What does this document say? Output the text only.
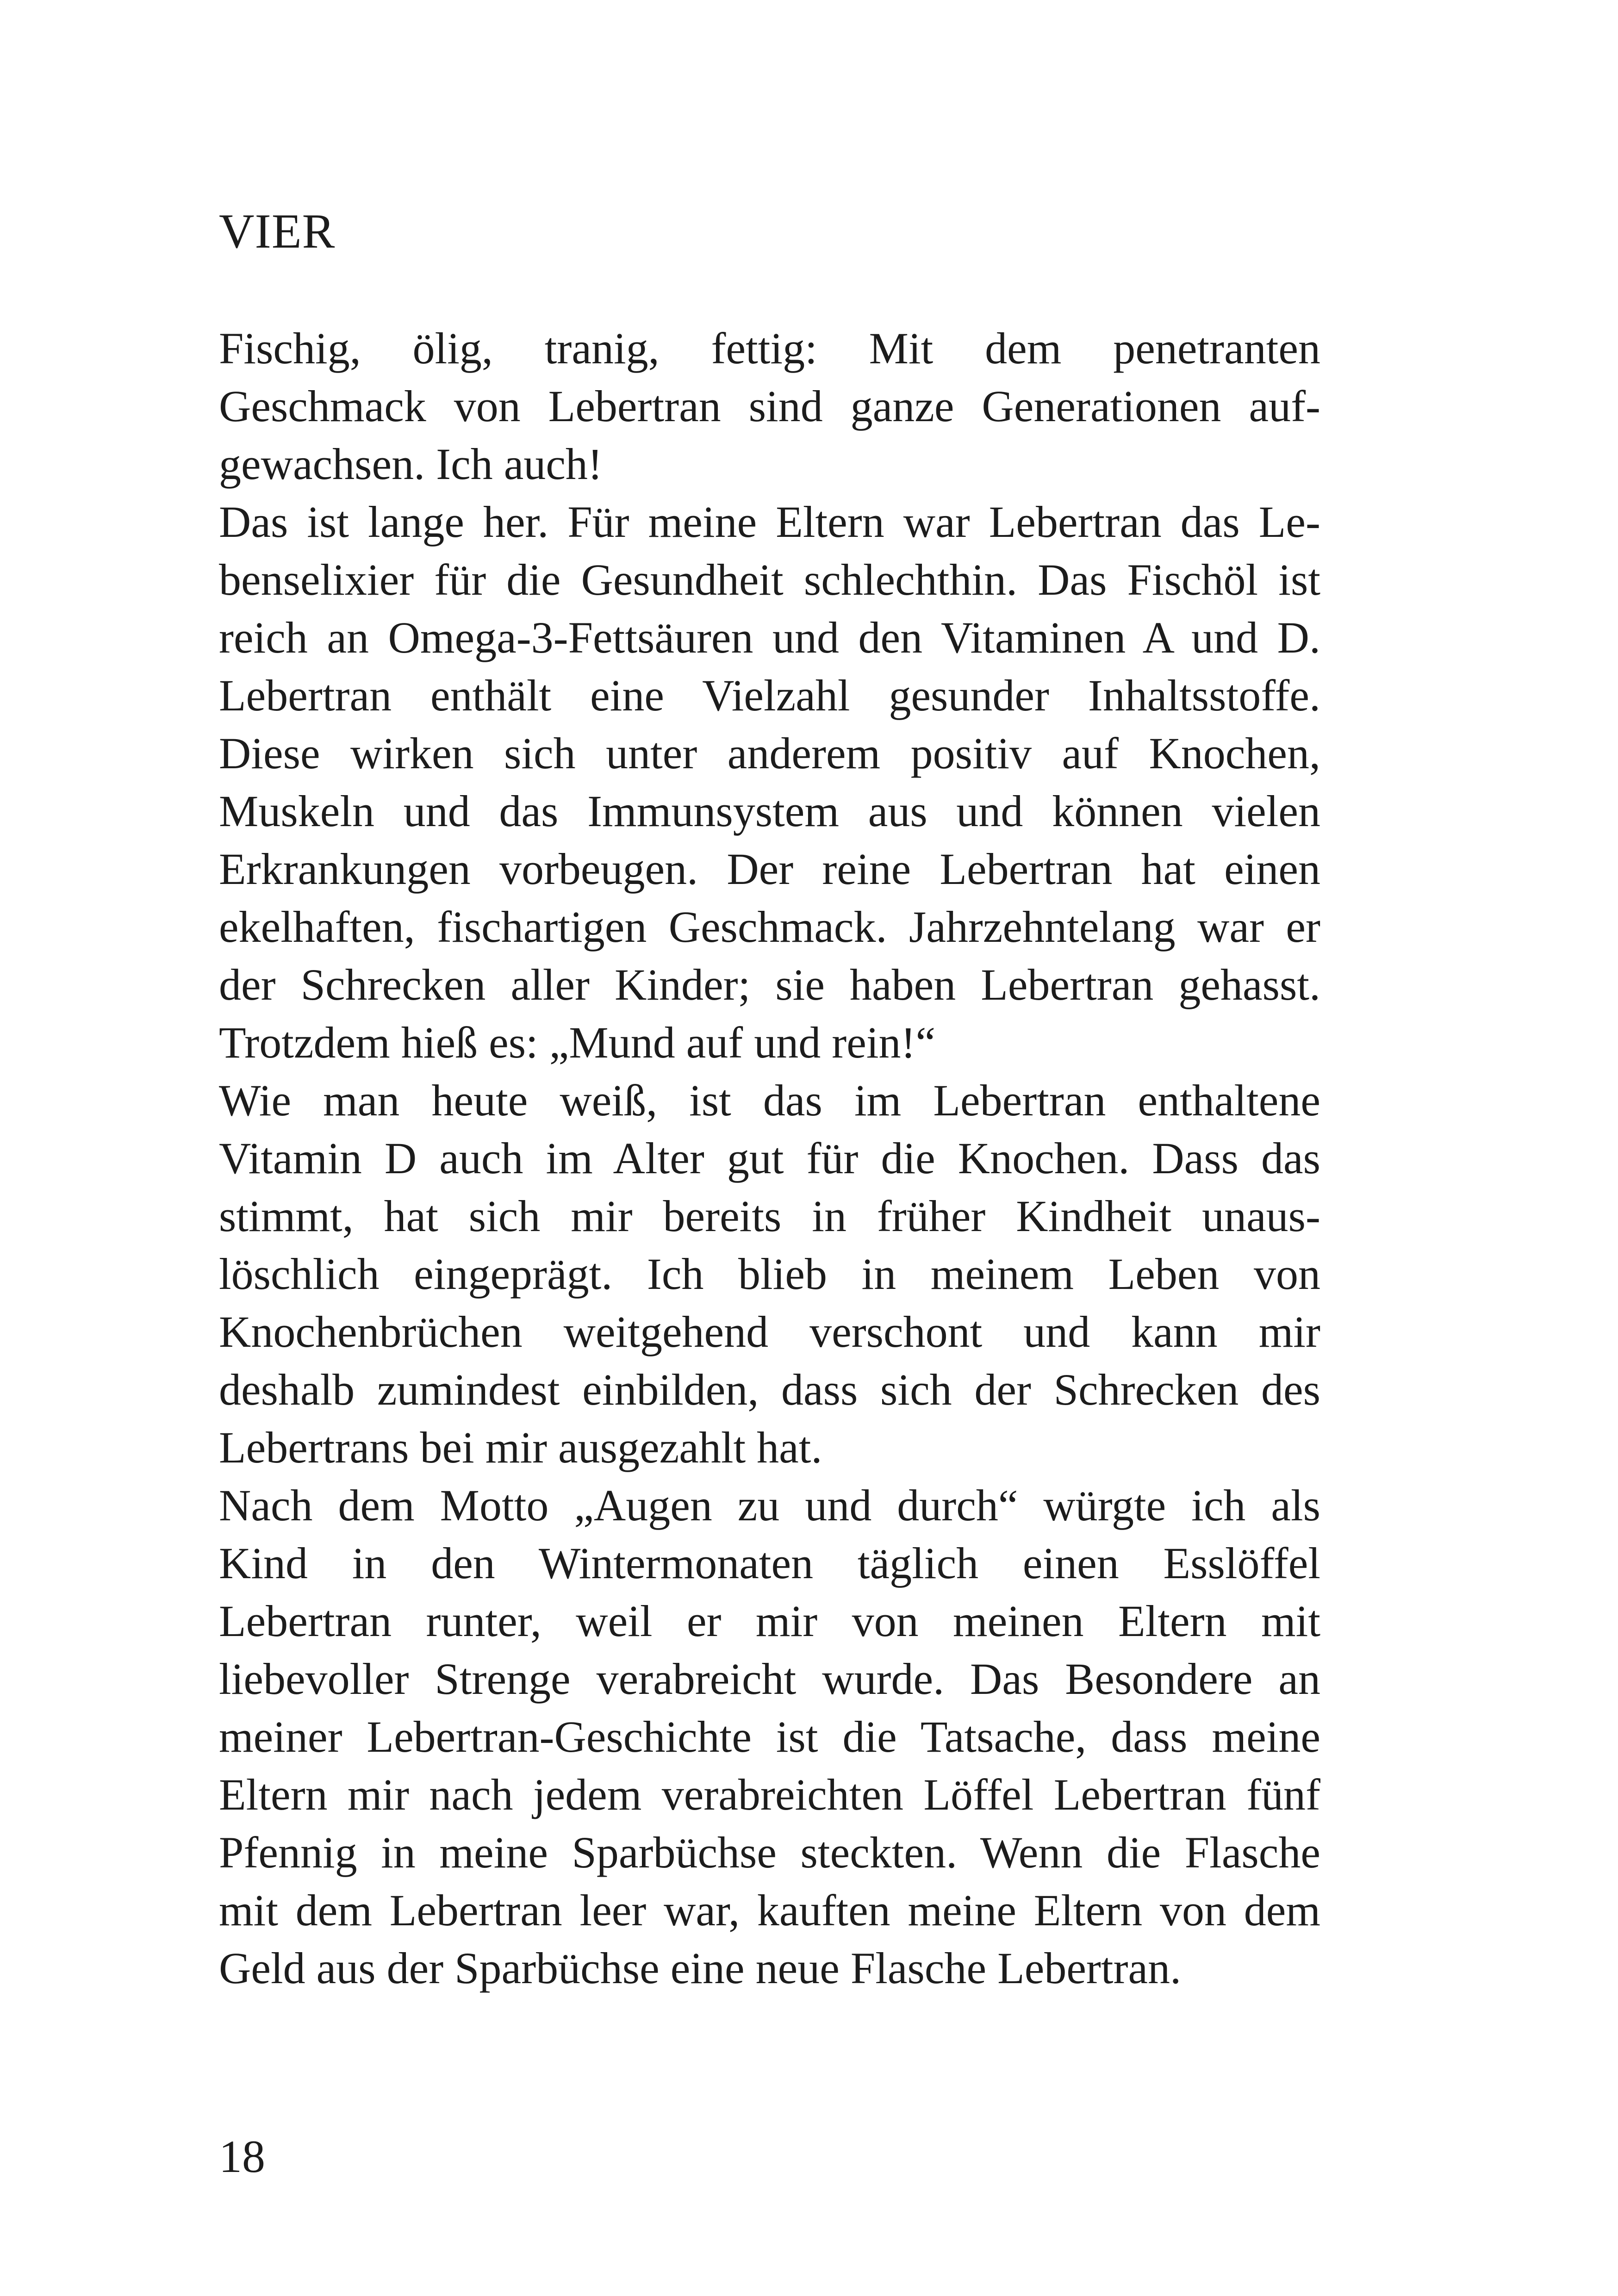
VIER
Fischig, ölig, tranig, fettig: Mit dem penetranten
Geschmack von Lebertran sind ganze Generationen auf-
gewachsen. Ich auch!
Das ist lange her. Für meine Eltern war Lebertran das Le-
benselixier für die Gesundheit schlechthin. Das Fischöl ist
reich an Omega-3-Fettsäuren und den Vitaminen A und D.
Lebertran enthält eine Vielzahl gesunder Inhaltsstoffe.
Diese wirken sich unter anderem positiv auf Knochen,
Muskeln und das Immunsystem aus und können vielen
Erkrankungen vorbeugen. Der reine Lebertran hat einen
ekelhaften, fischartigen Geschmack. Jahrzehntelang war er
der Schrecken aller Kinder; sie haben Lebertran gehasst.
Trotzdem hieß es: „Mund auf und rein!“
Wie man heute weiß, ist das im Lebertran enthaltene
Vitamin D auch im Alter gut für die Knochen. Dass das
stimmt, hat sich mir bereits in früher Kindheit unaus-
löschlich eingeprägt. Ich blieb in meinem Leben von
Knochenbrüchen weitgehend verschont und kann mir
deshalb zumindest einbilden, dass sich der Schrecken des
Lebertrans bei mir ausgezahlt hat.
Nach dem Motto „Augen zu und durch“ würgte ich als
Kind in den Wintermonaten täglich einen Esslöffel
Lebertran runter, weil er mir von meinen Eltern mit
liebevoller Strenge verabreicht wurde. Das Besondere an
meiner Lebertran-Geschichte ist die Tatsache, dass meine
Eltern mir nach jedem verabreichten Löffel Lebertran fünf
Pfennig in meine Sparbüchse steckten. Wenn die Flasche
mit dem Lebertran leer war, kauften meine Eltern von dem
Geld aus der Sparbüchse eine neue Flasche Lebertran.
18
